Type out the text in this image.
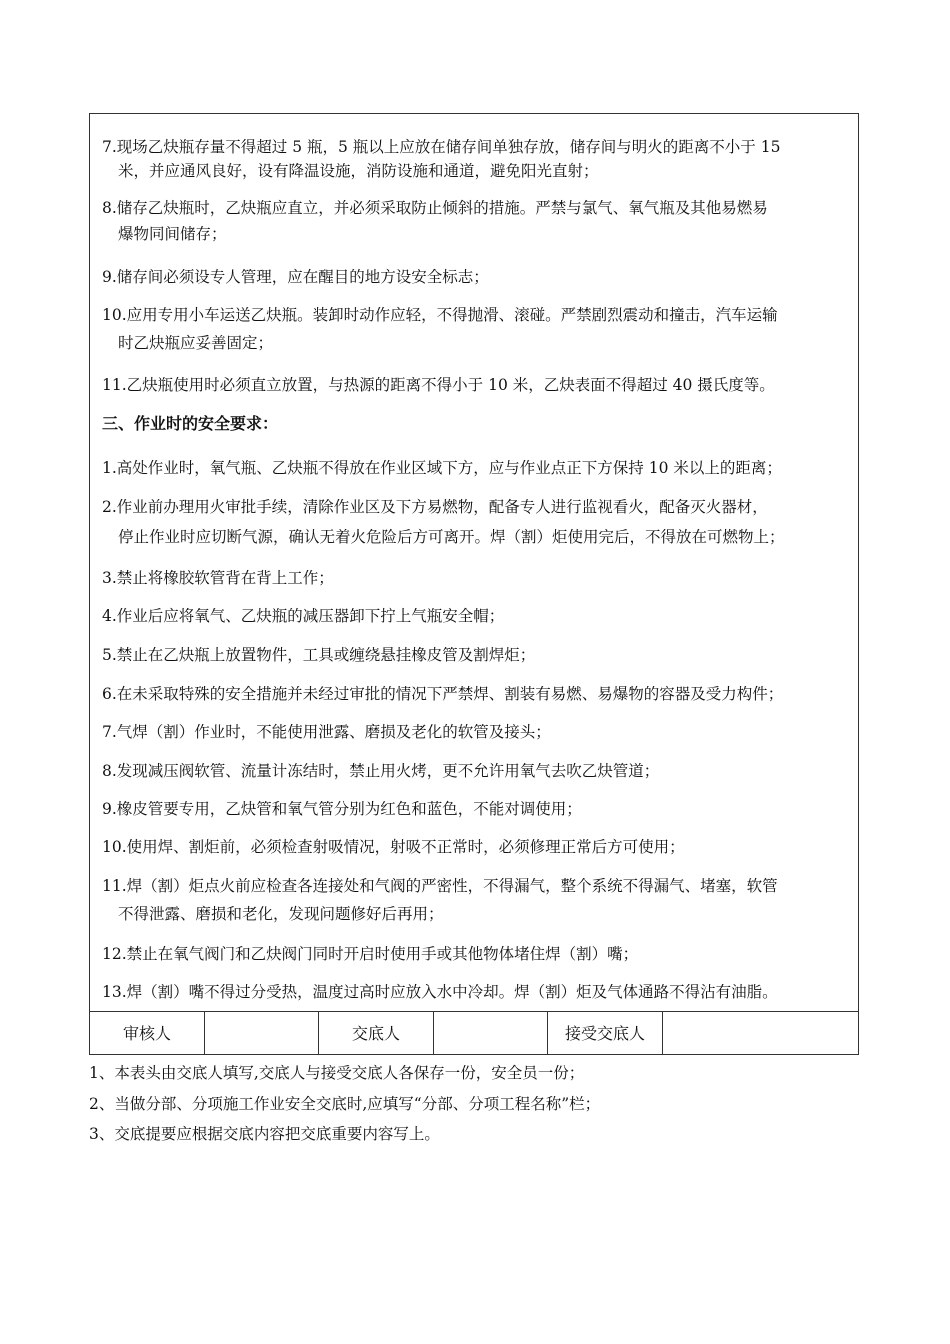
7.现场乙炔瓶存量不得超过 5 瓶，5 瓶以上应放在储存间单独存放，储存间与明火的距离不小于 15
米，并应通风良好，设有降温设施，消防设施和通道，避免阳光直射；
8.储存乙炔瓶时，乙炔瓶应直立，并必须采取防止倾斜的措施。严禁与氯气、氧气瓶及其他易燃易
爆物同间储存；
9.储存间必须设专人管理，应在醒目的地方设安全标志；
10.应用专用小车运送乙炔瓶。装卸时动作应轻，不得抛滑、滚碰。严禁剧烈震动和撞击，汽车运输
时乙炔瓶应妥善固定；
11.乙炔瓶使用时必须直立放置，与热源的距离不得小于 10 米，乙炔表面不得超过 40 摄氏度等。
三、作业时的安全要求：
1.高处作业时，氧气瓶、乙炔瓶不得放在作业区域下方，应与作业点正下方保持 10 米以上的距离；
2.作业前办理用火审批手续，清除作业区及下方易燃物，配备专人进行监视看火，配备灭火器材，
停止作业时应切断气源，确认无着火危险后方可离开。焊（割）炬使用完后，不得放在可燃物上；
3.禁止将橡胶软管背在背上工作；
4.作业后应将氧气、乙炔瓶的减压器卸下拧上气瓶安全帽；
5.禁止在乙炔瓶上放置物件，工具或缠绕悬挂橡皮管及割焊炬；
6.在未采取特殊的安全措施并未经过审批的情况下严禁焊、割装有易燃、易爆物的容器及受力构件；
7.气焊（割）作业时，不能使用泄露、磨损及老化的软管及接头；
8.发现减压阀软管、流量计冻结时，禁止用火烤，更不允许用氧气去吹乙炔管道；
9.橡皮管要专用，乙炔管和氧气管分别为红色和蓝色，不能对调使用；
10.使用焊、割炬前，必须检查射吸情况，射吸不正常时，必须修理正常后方可使用；
11.焊（割）炬点火前应检查各连接处和气阀的严密性，不得漏气，整个系统不得漏气、堵塞，软管
不得泄露、磨损和老化，发现问题修好后再用；
12.禁止在氧气阀门和乙炔阀门同时开启时使用手或其他物体堵住焊（割）嘴；
13.焊（割）嘴不得过分受热，温度过高时应放入水中冷却。焊（割）炬及气体通路不得沾有油脂。
审核人	交底人	接受交底人
1、本表头由交底人填写,交底人与接受交底人各保存一份，安全员一份；
2、当做分部、分项施工作业安全交底时,应填写“分部、分项工程名称”栏；
3、交底提要应根据交底内容把交底重要内容写上。
